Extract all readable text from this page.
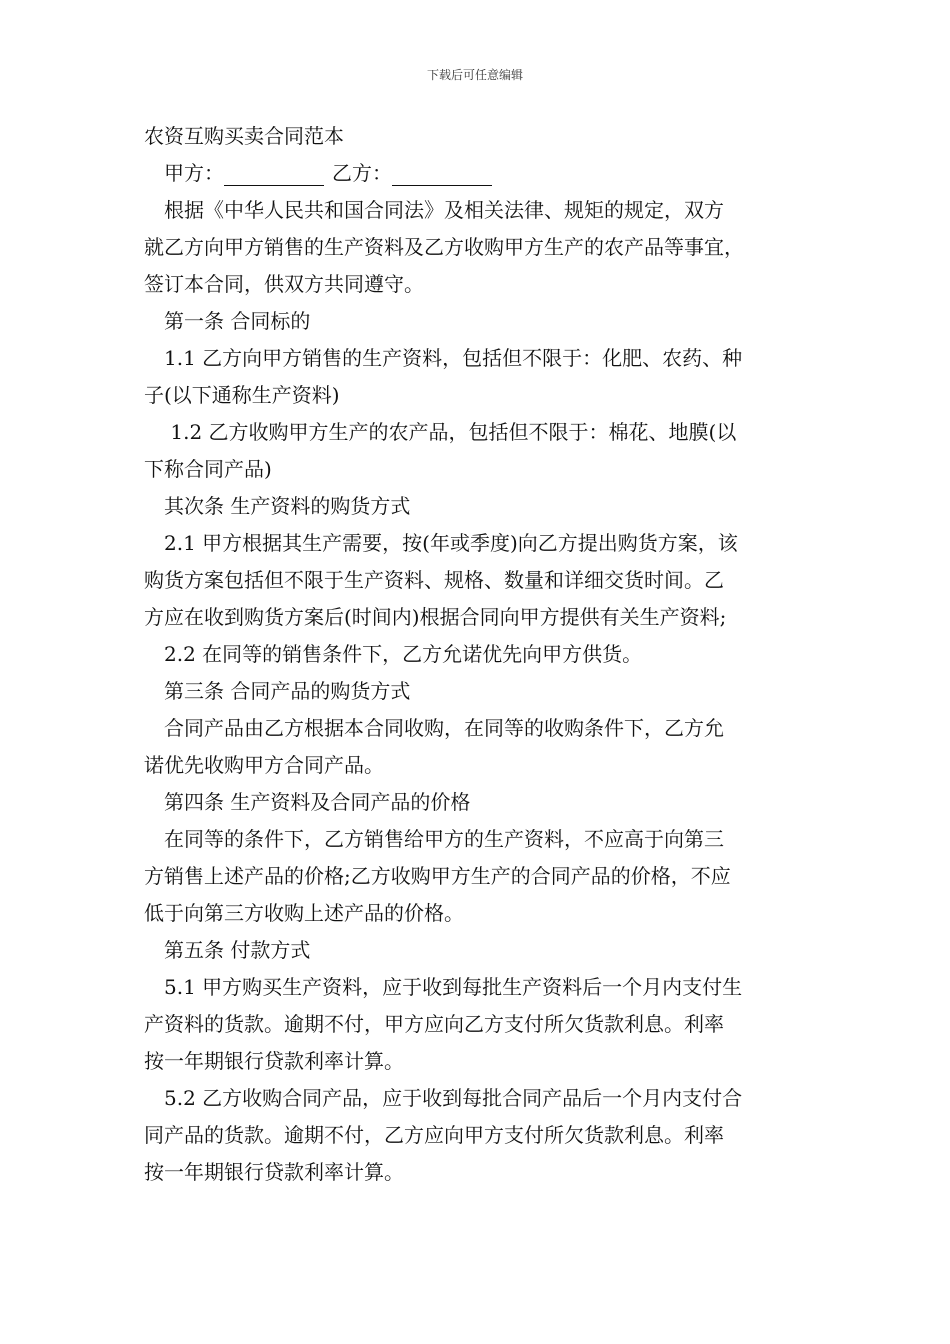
下载后可任意编辑
农资互购买卖合同范本
　甲方：	乙方：
　根据《中华人民共和国合同法》及相关法律、规矩的规定，双方
就乙方向甲方销售的生产资料及乙方收购甲方生产的农产品等事宜，
签订本合同，供双方共同遵守。
　第一条 合同标的
　1.1 乙方向甲方销售的生产资料，包括但不限于：化肥、农药、种
子(以下通称生产资料)
　 1.2 乙方收购甲方生产的农产品，包括但不限于：棉花、地膜(以
下称合同产品)
　其次条 生产资料的购货方式
　2.1 甲方根据其生产需要，按(年或季度)向乙方提出购货方案，该
购货方案包括但不限于生产资料、规格、数量和详细交货时间。乙
方应在收到购货方案后(时间内)根据合同向甲方提供有关生产资料;
　2.2 在同等的销售条件下，乙方允诺优先向甲方供货。
　第三条 合同产品的购货方式
　合同产品由乙方根据本合同收购，在同等的收购条件下，乙方允
诺优先收购甲方合同产品。
　第四条 生产资料及合同产品的价格
　在同等的条件下，乙方销售给甲方的生产资料，不应高于向第三
方销售上述产品的价格;乙方收购甲方生产的合同产品的价格，不应
低于向第三方收购上述产品的价格。
　第五条 付款方式
　5.1 甲方购买生产资料，应于收到每批生产资料后一个月内支付生
产资料的货款。逾期不付，甲方应向乙方支付所欠货款利息。利率
按一年期银行贷款利率计算。
　5.2 乙方收购合同产品，应于收到每批合同产品后一个月内支付合
同产品的货款。逾期不付，乙方应向甲方支付所欠货款利息。利率
按一年期银行贷款利率计算。
